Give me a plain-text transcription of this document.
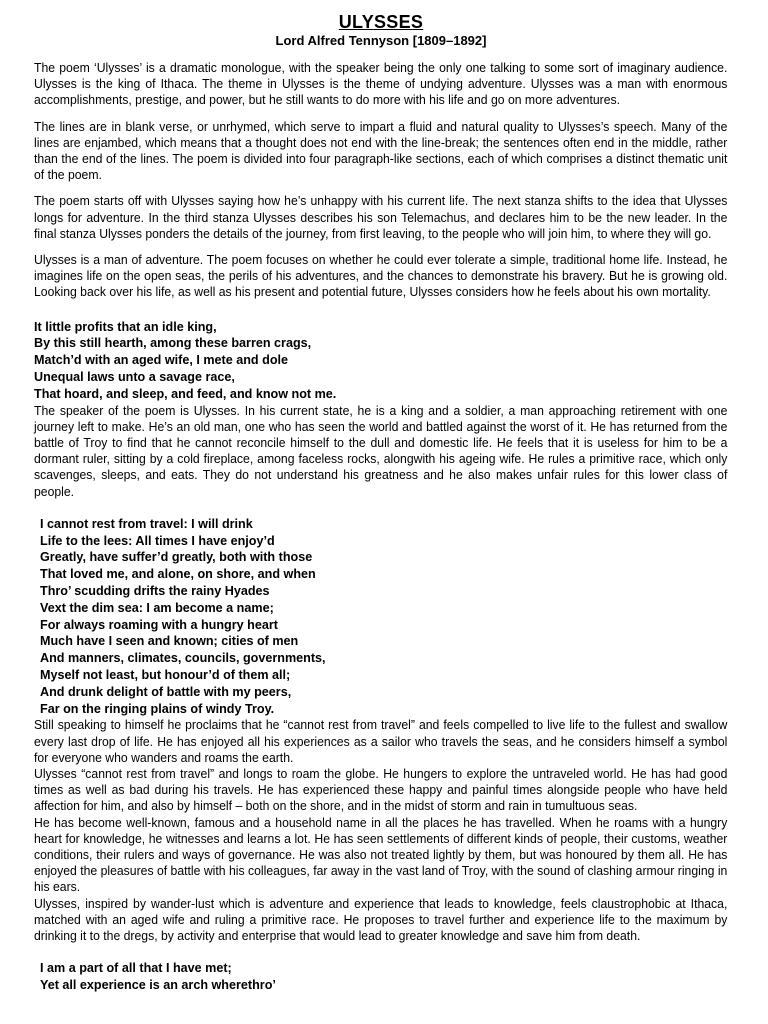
ULYSSES
Lord Alfred Tennyson [1809–1892]

The poem ‘Ulysses’ is a dramatic monologue, with the speaker being the only one talking to some sort of imaginary audience. Ulysses is the king of Ithaca. The theme in Ulysses is the theme of undying adventure. Ulysses was a man with enormous accomplishments, prestige, and power, but he still wants to do more with his life and go on more adventures.

The lines are in blank verse, or unrhymed, which serve to impart a fluid and natural quality to Ulysses’s speech. Many of the lines are enjambed, which means that a thought does not end with the line-break; the sentences often end in the middle, rather than the end of the lines. The poem is divided into four paragraph-like sections, each of which comprises a distinct thematic unit of the poem.

The poem starts off with Ulysses saying how he’s unhappy with his current life. The next stanza shifts to the idea that Ulysses longs for adventure. In the third stanza Ulysses describes his son Telemachus, and declares him to be the new leader. In the final stanza Ulysses ponders the details of the journey, from first leaving, to the people who will join him, to where they will go.

Ulysses is a man of adventure. The poem focuses on whether he could ever tolerate a simple, traditional home life. Instead, he imagines life on the open seas, the perils of his adventures, and the chances to demonstrate his bravery. But he is growing old. Looking back over his life, as well as his present and potential future, Ulysses considers how he feels about his own mortality.

It little profits that an idle king,
By this still hearth, among these barren crags,
Match’d with an aged wife, I mete and dole
Unequal laws unto a savage race,
That hoard, and sleep, and feed, and know not me.

The speaker of the poem is Ulysses. In his current state, he is a king and a soldier, a man approaching retirement with one journey left to make. He’s an old man, one who has seen the world and battled against the worst of it. He has returned from the battle of Troy to find that he cannot reconcile himself to the dull and domestic life. He feels that it is useless for him to be a dormant ruler, sitting by a cold fireplace, among faceless rocks, alongwith his ageing wife. He rules a primitive race, which only scavenges, sleeps, and eats. They do not understand his greatness and he also makes unfair rules for this lower class of people.

I cannot rest from travel: I will drink
Life to the lees: All times I have enjoy’d
Greatly, have suffer’d greatly, both with those
That loved me, and alone, on shore, and when
Thro’ scudding drifts the rainy Hyades
Vext the dim sea: I am become a name;
For always roaming with a hungry heart
Much have I seen and known; cities of men
And manners, climates, councils, governments,
Myself not least, but honour’d of them all;
And drunk delight of battle with my peers,
Far on the ringing plains of windy Troy.

Still speaking to himself he proclaims that he “cannot rest from travel” and feels compelled to live life to the fullest and swallow every last drop of life. He has enjoyed all his experiences as a sailor who travels the seas, and he considers himself a symbol for everyone who wanders and roams the earth.

Ulysses “cannot rest from travel” and longs to roam the globe. He hungers to explore the untraveled world. He has had good times as well as bad during his travels. He has experienced these happy and painful times alongside people who have held affection for him, and also by himself – both on the shore, and in the midst of storm and rain in tumultuous seas.

He has become well-known, famous and a household name in all the places he has travelled. When he roams with a hungry heart for knowledge, he witnesses and learns a lot. He has seen settlements of different kinds of people, their customs, weather conditions, their rulers and ways of governance. He was also not treated lightly by them, but was honoured by them all. He has enjoyed the pleasures of battle with his colleagues, far away in the vast land of Troy, with the sound of clashing armour ringing in his ears.

Ulysses, inspired by wander-lust which is adventure and experience that leads to knowledge, feels claustrophobic at Ithaca, matched with an aged wife and ruling a primitive race. He proposes to travel further and experience life to the maximum by drinking it to the dregs, by activity and enterprise that would lead to greater knowledge and save him from death.

I am a part of all that I have met;
Yet all experience is an arch wherethro’
